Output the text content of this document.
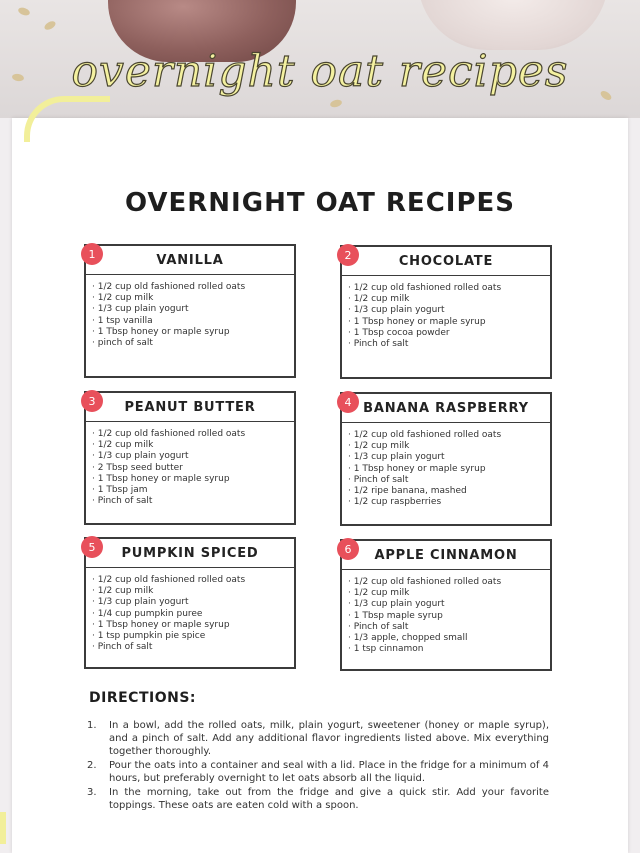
overnight oat recipes
OVERNIGHT OAT RECIPES
VANILLA
· 1/2 cup old fashioned rolled oats
· 1/2 cup milk
· 1/3 cup plain yogurt
· 1 tsp vanilla
· 1 Tbsp honey or maple syrup
· pinch of salt
1	CHOCOLATE
· 1/2 cup old fashioned rolled oats
· 1/2 cup milk
· 1/3 cup plain yogurt
· 1 Tbsp honey or maple syrup
· 1 Tbsp cocoa powder
· Pinch of salt
2
PEANUT BUTTER
· 1/2 cup old fashioned rolled oats
· 1/2 cup milk
· 1/3 cup plain yogurt
· 2 Tbsp seed butter
· 1 Tbsp honey or maple syrup
· 1 Tbsp jam
· Pinch of salt
3	BANANA RASPBERRY
· 1/2 cup old fashioned rolled oats
· 1/2 cup milk
· 1/3 cup plain yogurt
· 1 Tbsp honey or maple syrup
· Pinch of salt
· 1/2 ripe banana, mashed
· 1/2 cup raspberries
4
PUMPKIN SPICED
· 1/2 cup old fashioned rolled oats
· 1/2 cup milk
· 1/3 cup plain yogurt
· 1/4 cup pumpkin puree
· 1 Tbsp honey or maple syrup
· 1 tsp pumpkin pie spice
· Pinch of salt
5
APPLE CINNAMON
· 1/2 cup old fashioned rolled oats
· 1/2 cup milk
· 1/3 cup plain yogurt
· 1 Tbsp maple syrup
· Pinch of salt
· 1/3 apple, chopped small
· 1 tsp cinnamon
6
DIRECTIONS:
1. In a bowl, add the rolled oats, milk, plain yogurt, sweetener (honey or maple syrup), and a pinch of salt. Add any additional flavor ingredients listed above. Mix everything together thoroughly.
2. Pour the oats into a container and seal with a lid. Place in the fridge for a minimum of 4 hours, but preferably overnight to let oats absorb all the liquid.
3. In the morning, take out from the fridge and give a quick stir. Add your favorite toppings. These oats are eaten cold with a spoon.
